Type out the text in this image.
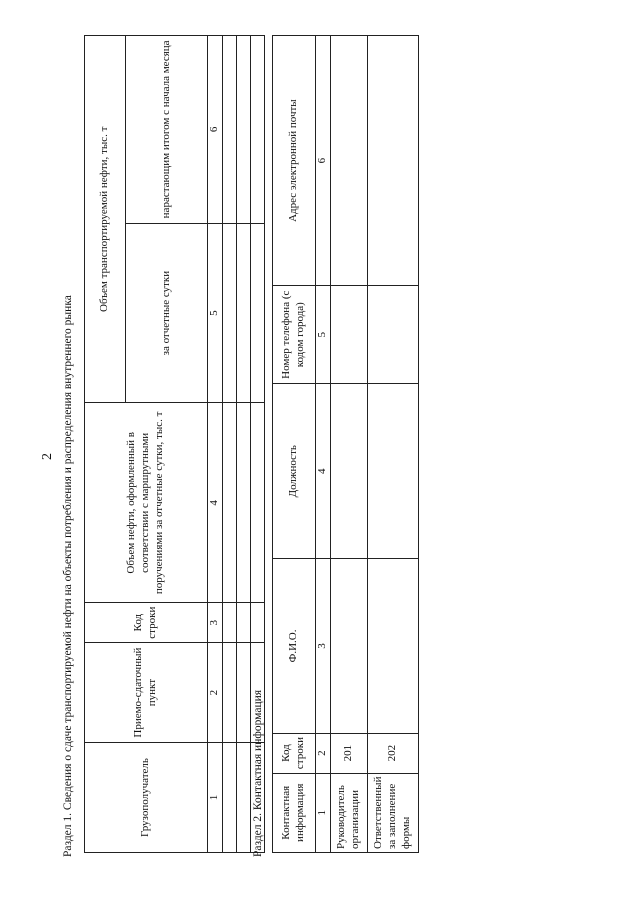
2 Раздел 1. Сведения о сдаче транспортируемой нефти на объекты потребления и распределения внутреннего рынка	Грузополучатель	Приемо-сдаточный пункт	Код строки	Объем нефти, оформленный в соответствии с маршрутными поручениями за отчетные сутки, тыс. т	Объем транспортируемой нефти, тыс. т	
				за отчетные сутки	нарастающим итогом с начала месяца
1	2	3	4	5	6

Раздел 2. Контактная информация Контактная информация	Код строки	Ф.И.О.	Должность	Номер телефона (с кодом города)	Адрес электронной почты
1	2	3	4	5	6
Руководитель организации	201				
Ответственный за заполнение формы	202				
